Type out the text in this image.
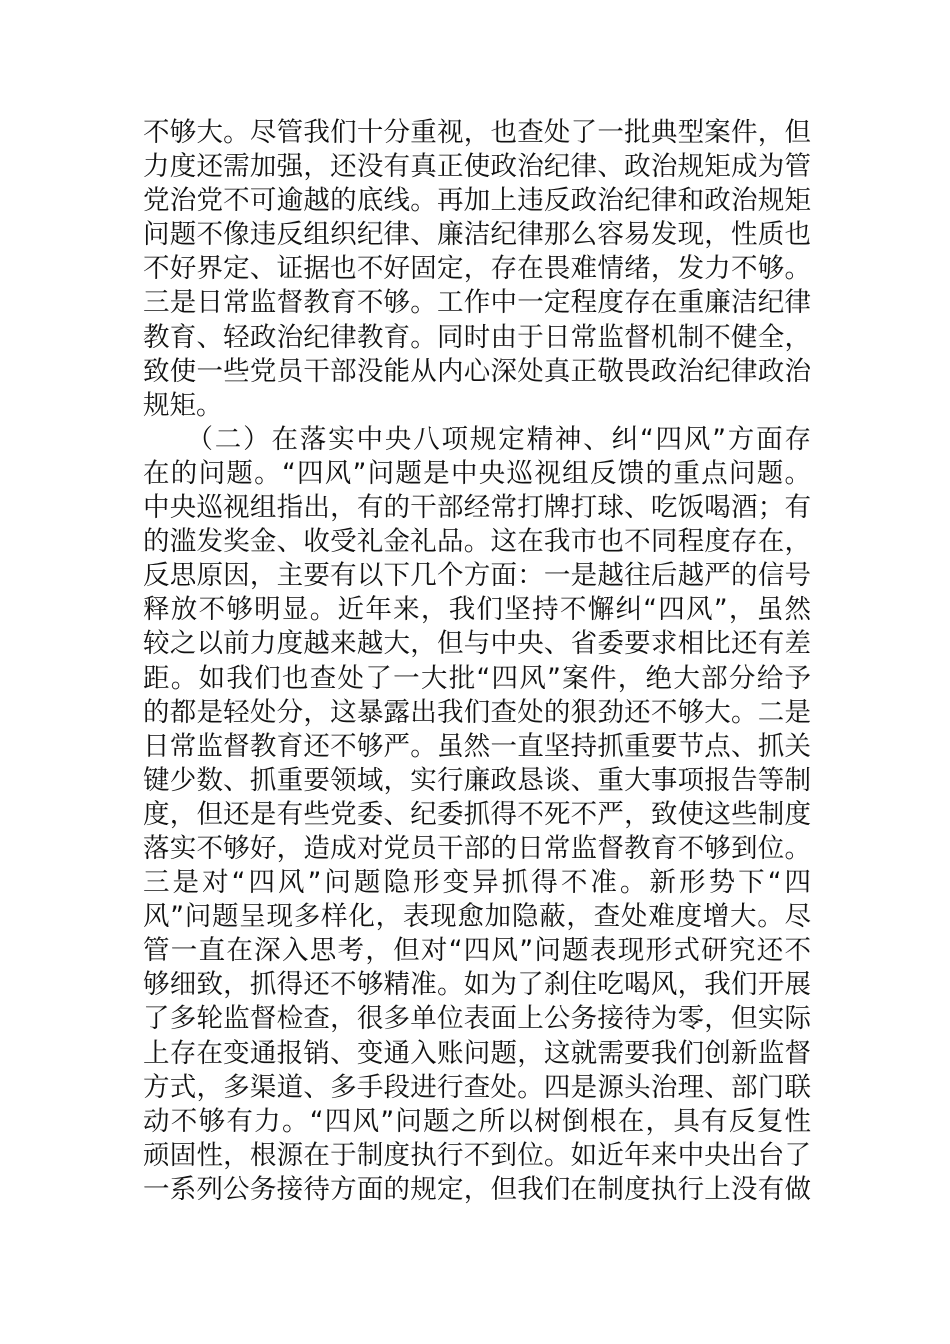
不够大。尽管我们十分重视，也查处了一批典型案件，但
力度还需加强，还没有真正使政治纪律、政治规矩成为管
党治党不可逾越的底线。再加上违反政治纪律和政治规矩
问题不像违反组织纪律、廉洁纪律那么容易发现，性质也
不好界定、证据也不好固定，存在畏难情绪，发力不够。
三是日常监督教育不够。工作中一定程度存在重廉洁纪律
教育、轻政治纪律教育。同时由于日常监督机制不健全，
致使一些党员干部没能从内心深处真正敬畏政治纪律政治
规矩。
　　（二）在落实中央八项规定精神、纠“四风”方面存
在的问题。“四风”问题是中央巡视组反馈的重点问题。
中央巡视组指出，有的干部经常打牌打球、吃饭喝酒；有
的滥发奖金、收受礼金礼品。这在我市也不同程度存在，
反思原因，主要有以下几个方面：一是越往后越严的信号
释放不够明显。近年来，我们坚持不懈纠“四风”，虽然
较之以前力度越来越大，但与中央、省委要求相比还有差
距。如我们也查处了一大批“四风”案件，绝大部分给予
的都是轻处分，这暴露出我们查处的狠劲还不够大。二是
日常监督教育还不够严。虽然一直坚持抓重要节点、抓关
键少数、抓重要领域，实行廉政恳谈、重大事项报告等制
度，但还是有些党委、纪委抓得不死不严，致使这些制度
落实不够好，造成对党员干部的日常监督教育不够到位。
三是对“四风”问题隐形变异抓得不准。新形势下“四
风”问题呈现多样化，表现愈加隐蔽，查处难度增大。尽
管一直在深入思考，但对“四风”问题表现形式研究还不
够细致，抓得还不够精准。如为了刹住吃喝风，我们开展
了多轮监督检查，很多单位表面上公务接待为零，但实际
上存在变通报销、变通入账问题，这就需要我们创新监督
方式，多渠道、多手段进行查处。四是源头治理、部门联
动不够有力。“四风”问题之所以树倒根在，具有反复性
顽固性，根源在于制度执行不到位。如近年来中央出台了
一系列公务接待方面的规定，但我们在制度执行上没有做
